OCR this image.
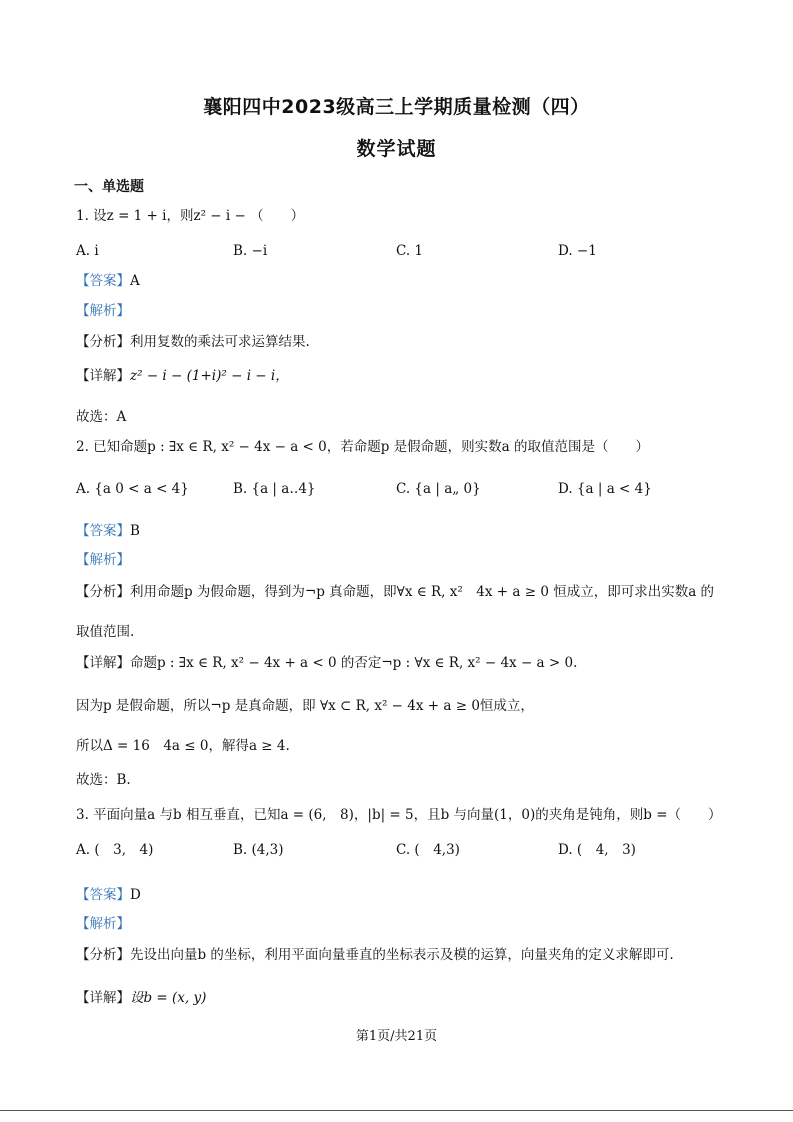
襄阳四中2023级高三上学期质量检测（四）
数学试题
一、单选题
1. 设z = 1 + i，则z² − i − （　　）
A. i	B. −i	C. 1	D. −1
【答案】A
【解析】
【分析】利用复数的乘法可求运算结果.
【详解】z² − i − (1+i)² − i − i，
故选：A
2. 已知命题p : ∃x ∈ R, x² − 4x − a < 0，若命题p 是假命题，则实数a 的取值范围是（　　）
A. {a 0 < a < 4}	B. {a | a‥4}	C. {a | a„ 0}	D. {a | a < 4}
【答案】B
【解析】
【分析】利用命题p 为假命题，得到为¬p 真命题，即∀x ∈ R, x²　4x + a ≥ 0 恒成立，即可求出实数a 的
取值范围.
【详解】命题p : ∃x ∈ R, x² − 4x + a < 0 的否定¬p : ∀x ∈ R, x² − 4x − a > 0.
因为p 是假命题，所以¬p 是真命题，即 ∀x ⊂ R, x² − 4x + a ≥ 0恒成立，
所以Δ = 16　4a ≤ 0，解得a ≥ 4.
故选：B.
3. 平面向量a 与b 相互垂直，已知a = (6,　8)，|b| = 5，且b 与向量(1，0)的夹角是钝角，则b =（　　）
A. (　3,　4)	B. (4,3)	C. (　4,3)	D. (　4,　3)
【答案】D
【解析】
【分析】先设出向量b 的坐标，利用平面向量垂直的坐标表示及模的运算，向量夹角的定义求解即可.
【详解】设b = (x, y)
第1页/共21页
